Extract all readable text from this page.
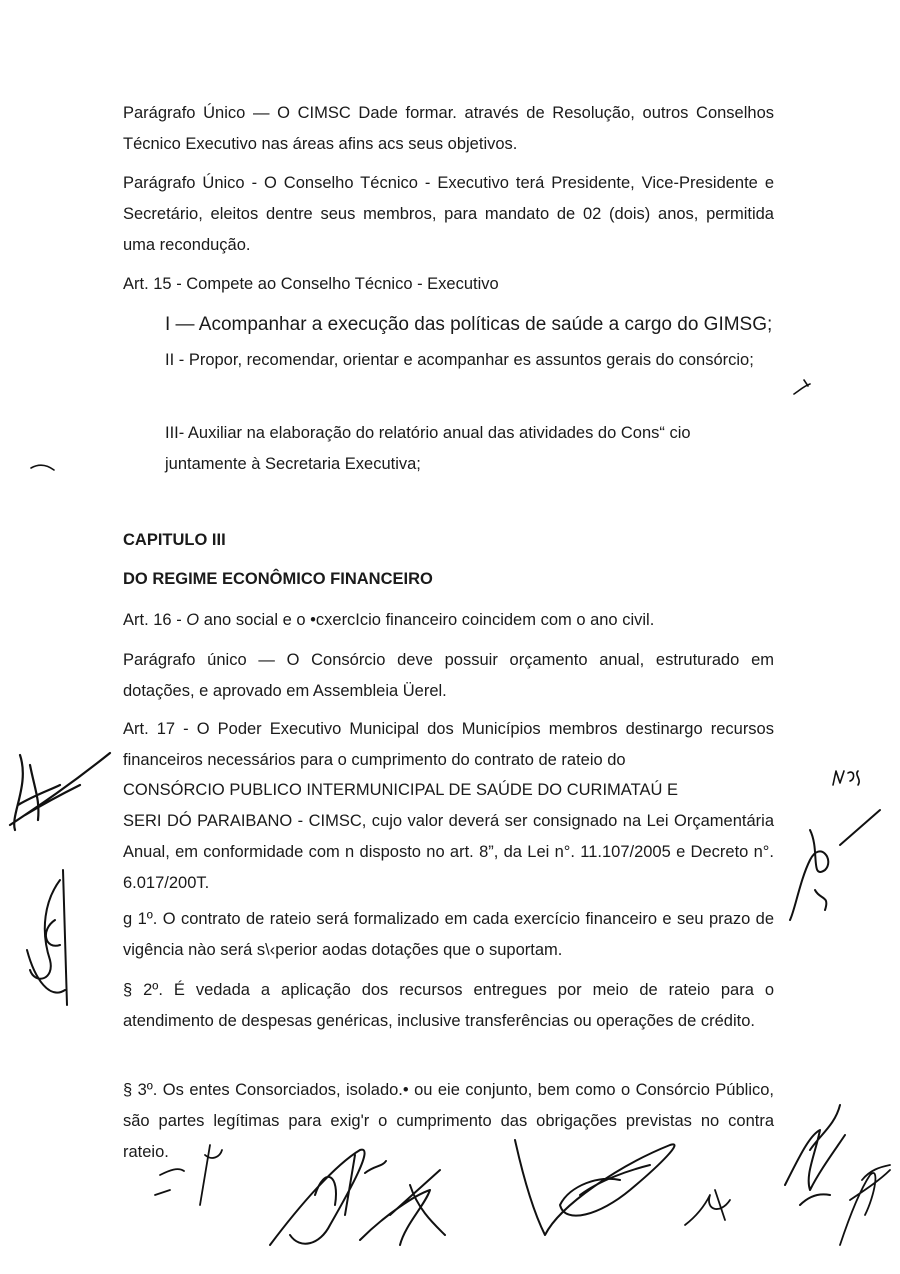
Parágrafo Único — O CIMSC Dade formar. através de Resolução, outros Conselhos Técnico Executivo nas áreas afins acs seus objetivos.

Parágrafo Único - O Conselho Técnico - Executivo terá Presidente, Vice-Presidente e Secretário, eleitos dentre seus membros, para mandato de 02 (dois) anos, permitida uma recondução.

Art. 15 - Compete ao Conselho Técnico - Executivo

I — Acompanhar a execução das políticas de saúde a cargo do GIMSG;

II - Propor, recomendar, orientar e acompanhar es assuntos gerais do consórcio;

III- Auxiliar na elaboração do relatório anual das atividades do Cons“ cio juntamente à Secretaria Executiva;

CAPITULO III

DO REGIME ECONÔMICO FINANCEIRO

Art. 16 - O ano social e o •cxercIcio financeiro coincidem com o ano civil.

Parágrafo único — O Consórcio deve possuir orçamento anual, estruturado em dotações, e aprovado em Assembleia Üerel.

Art. 17 - O Poder Executivo Municipal dos Municípios membros destinargo recursos financeiros necessários para o cumprimento do contrato de rateio do

CONSÓRCIO PUBLICO INTERMUNICIPAL DE SAÚDE DO CURIMATAÚ E

SERI DÓ PARAIBANO - CIMSC, cujo valor deverá ser consignado na Lei Orçamentária Anual, em conformidade com n disposto no art. 8”, da Lei n°. 11.107/2005 e Decreto n°. 6.017/200T.

g 1º. O contrato de rateio será formalizado em cada exercício financeiro e seu prazo de vigência nào será s\‹perior aodas dotações que o suportam.

§ 2º. É vedada a aplicação dos recursos entregues por meio de rateio para o atendimento de despesas genéricas, inclusive transferências ou operações de crédito.

§ 3º. Os entes Consorciados, isolado.• ou eie conjunto, bem como o Consórcio Público, são partes legítimas para exig'r o cumprimento das obrigações previstas no contra rateio.
